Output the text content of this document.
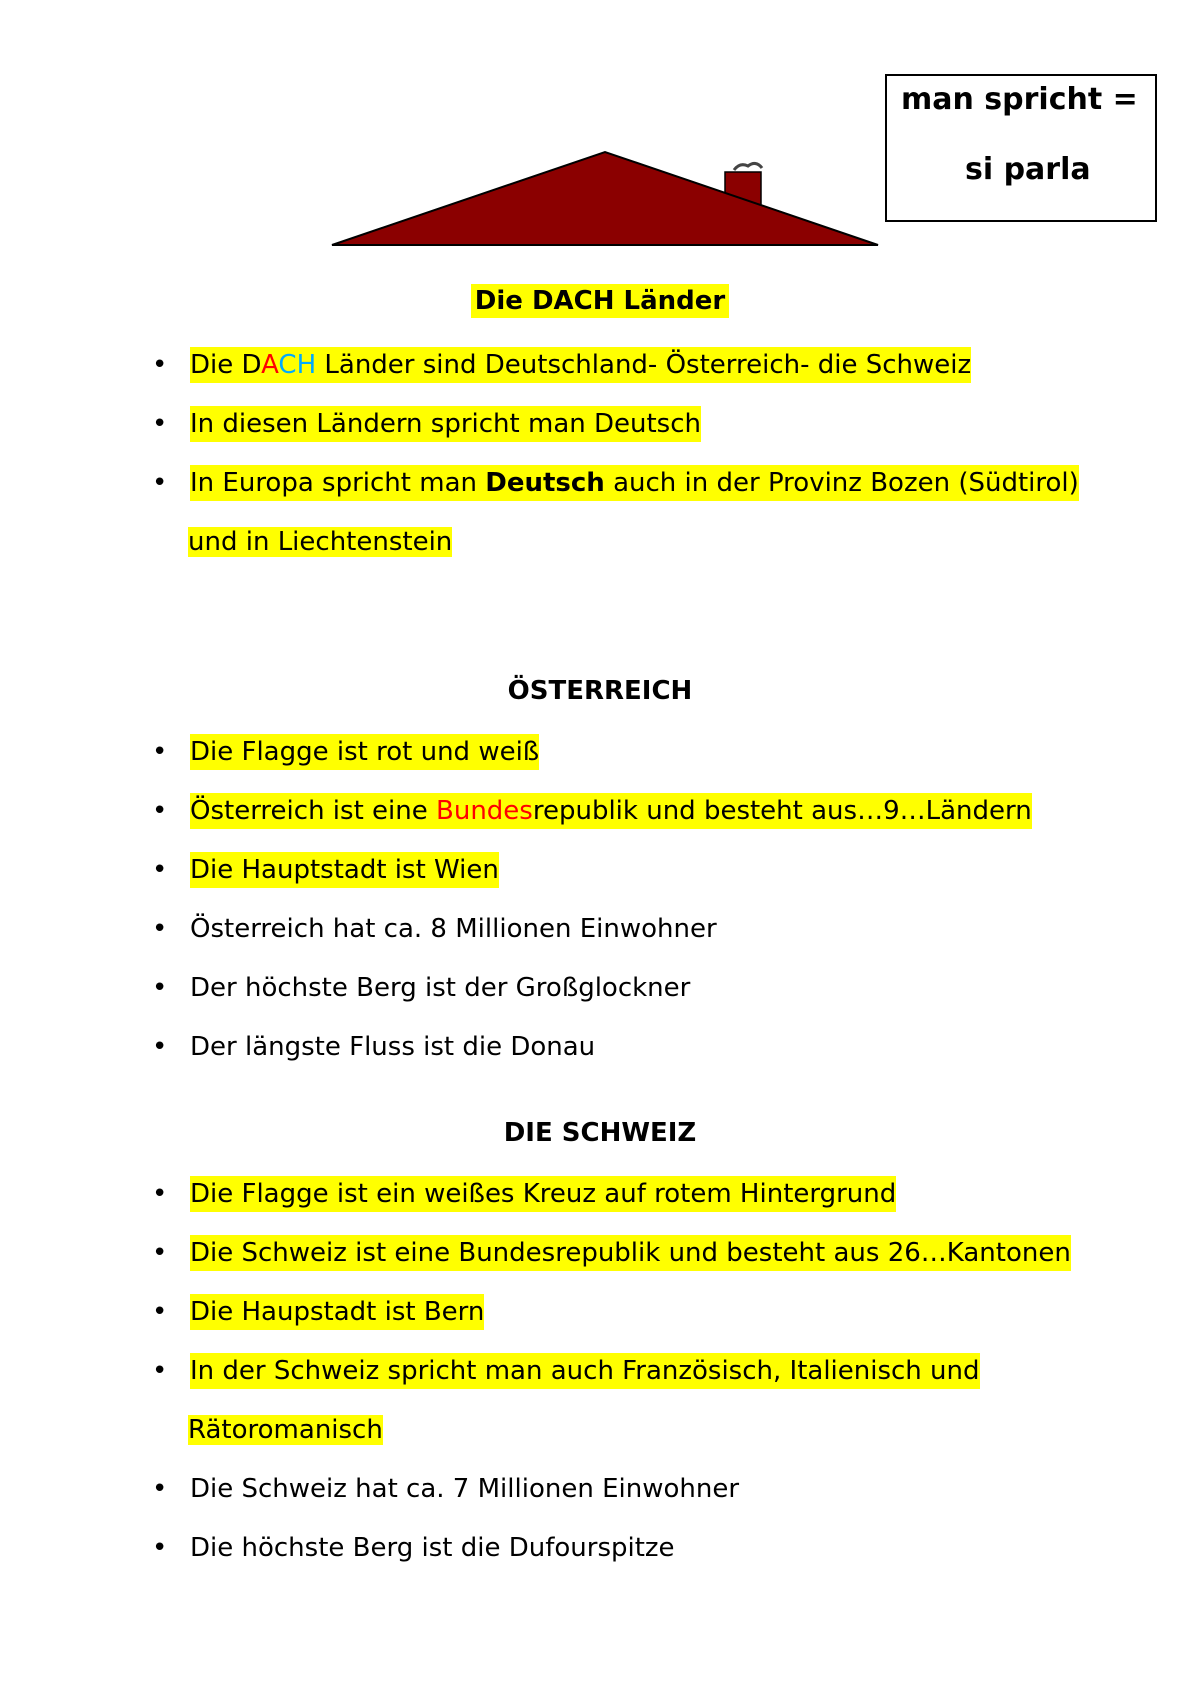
man spricht =
si parla
Die DACH Länder
• Die DACH Länder sind Deutschland- Österreich- die Schweiz
• In diesen Ländern spricht man Deutsch
• In Europa spricht man Deutsch auch in der Provinz Bozen (Südtirol)
und in Liechtenstein
ÖSTERREICH
• Die Flagge ist rot und weiß
• Österreich ist eine Bundesrepublik und besteht aus…9…Ländern
• Die Hauptstadt ist Wien
• Österreich hat ca. 8 Millionen Einwohner
• Der höchste Berg ist der Großglockner
• Der längste Fluss ist die Donau
DIE SCHWEIZ
• Die Flagge ist ein weißes Kreuz auf rotem Hintergrund
• Die Schweiz ist eine Bundesrepublik und besteht aus 26…Kantonen
• Die Haupstadt ist Bern
• In der Schweiz spricht man auch Französisch, Italienisch und
Rätoromanisch
• Die Schweiz hat ca. 7 Millionen Einwohner
• Die höchste Berg ist die Dufourspitze
